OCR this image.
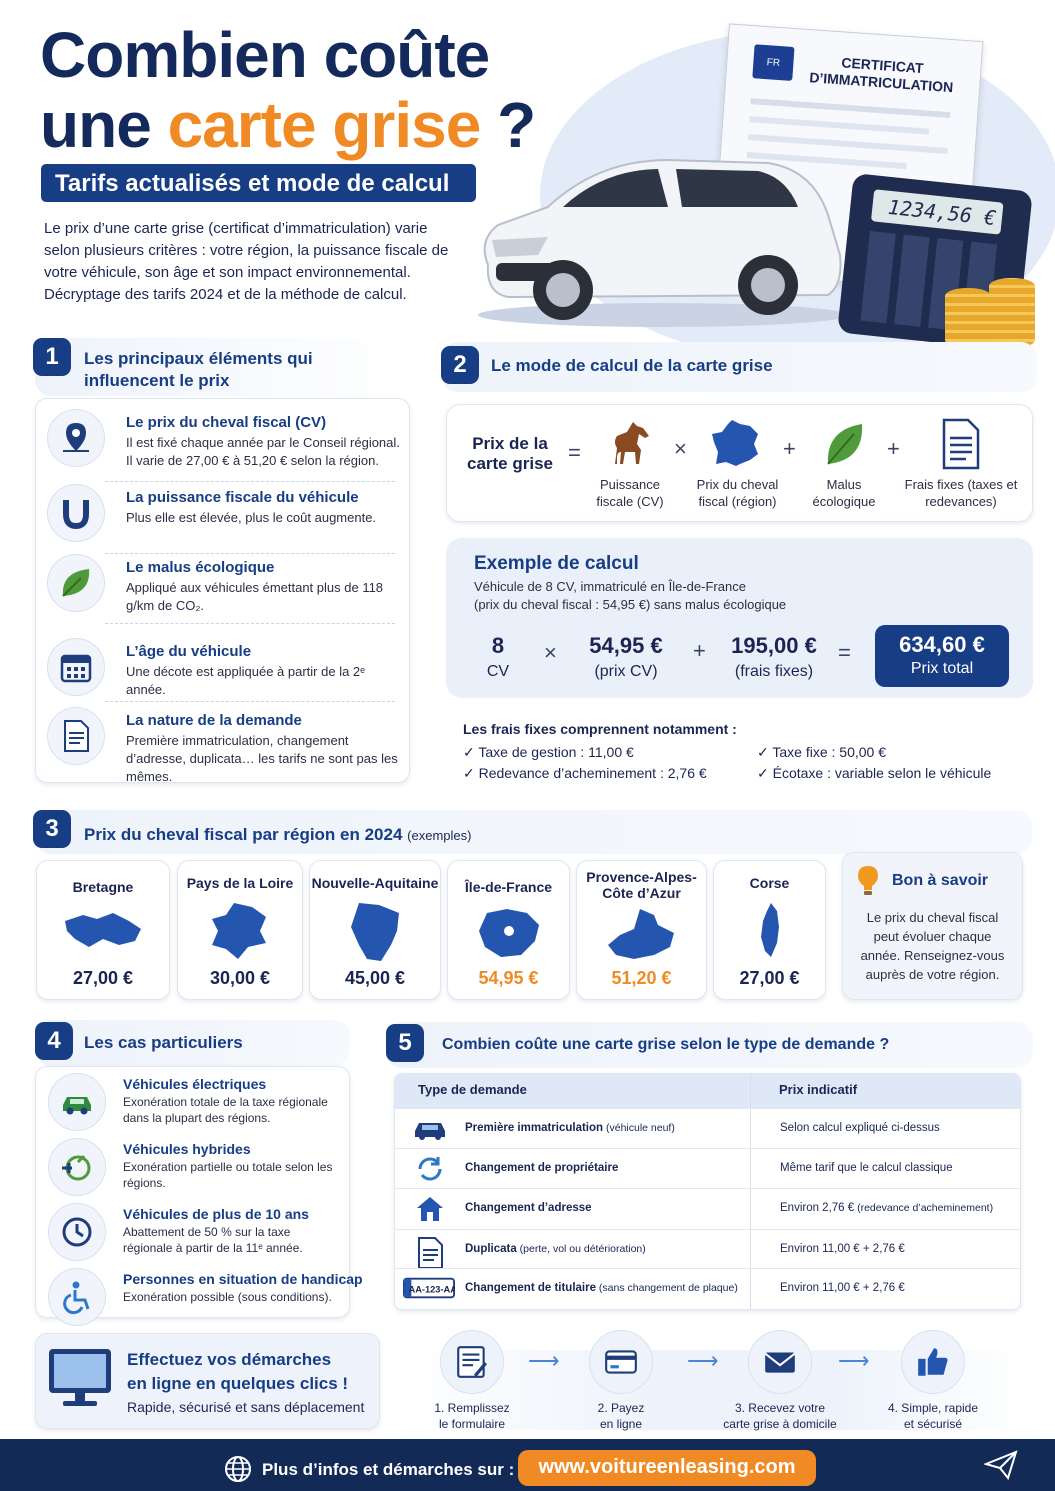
Combien coûte
une carte grise ?
Tarifs actualisés et mode de calcul
Le prix d’une carte grise (certificat d’immatriculation) varie selon plusieurs critères : votre région, la puissance fiscale de votre véhicule, son âge et son impact environnemental. Décryptage des tarifs 2024 et de la méthode de calcul.
FR	CERTIFICAT D’IMMATRICULATION
1234,56 €
1	Les principaux éléments qui influencent le prix
Le prix du cheval fiscal (CV)
Il est fixé chaque année par le Conseil régional. Il varie de 27,00 € à 51,20 € selon la région.
La puissance fiscale du véhicule
Plus elle est élevée, plus le coût augmente.
Le malus écologique
Appliqué aux véhicules émettant plus de 118 g/km de CO₂.
L’âge du véhicule
Une décote est appliquée à partir de la 2ᵉ année.
La nature de la demande
Première immatriculation, changement d’adresse, duplicata… les tarifs ne sont pas les mêmes.
2	Le mode de calcul de la carte grise
Prix de la carte grise =	×	+	+
Puissance fiscale (CV)
Prix du cheval fiscal (région)
Malus écologique
Frais fixes (taxes et redevances)
Exemple de calcul
Véhicule de 8 CV, immatriculé en Île-de-France
(prix du cheval fiscal : 54,95 €) sans malus écologique
8
CV
×	54,95 €
(prix CV)
+	195,00 €
(frais fixes)
=	634,60 €
Prix total
Les frais fixes comprennent notamment :
✓ Taxe de gestion : 11,00 €
✓ Redevance d’acheminement : 2,76 €
✓ Taxe fixe : 50,00 €
✓ Écotaxe : variable selon le véhicule
3	Prix du cheval fiscal par région en 2024 (exemples)
Bretagne
27,00 €
Pays de la Loire
30,00 €
Nouvelle-Aquitaine
45,00 €
Île-de-France
54,95 €
Provence-Alpes-Côte d’Azur
51,20 €
Corse
27,00 €
Bon à savoir
Le prix du cheval fiscal peut évoluer chaque année. Renseignez-vous auprès de votre région.
4	Les cas particuliers
Véhicules électriques
Exonération totale de la taxe régionale dans la plupart des régions.
Véhicules hybrides
Exonération partielle ou totale selon les régions.
Véhicules de plus de 10 ans
Abattement de 50 % sur la taxe régionale à partir de la 11ᵉ année.
Personnes en situation de handicap
Exonération possible (sous conditions).
5	Combien coûte une carte grise selon le type de demande ?
Type de demande	Prix indicatif
Première immatriculation (véhicule neuf)	Selon calcul expliqué ci-dessus
Changement de propriétaire	Même tarif que le calcul classique
Changement d’adresse	Environ 2,76 € (redevance d’acheminement)
Duplicata (perte, vol ou détérioration)	Environ 11,00 € + 2,76 €
AA-123-AA Changement de titulaire (sans changement de plaque)	Environ 11,00 € + 2,76 €
Effectuez vos démarches
en ligne en quelques clics !
Rapide, sécurisé et sans déplacement	1. Remplissez
le formulaire
2. Payez
en ligne
3. Recevez votre
carte grise à domicile
4. Simple, rapide
et sécurisé
⟶	⟶	⟶
Plus d’infos et démarches sur :	www.voitureenleasing.com
